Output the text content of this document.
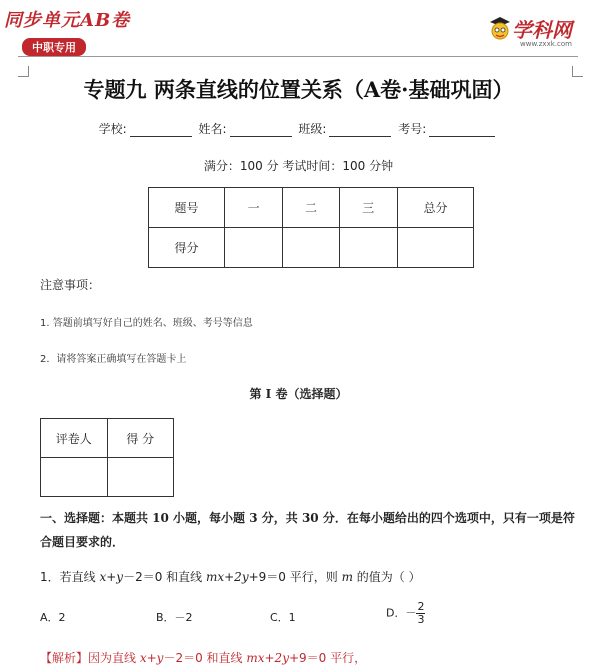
同步单元AB卷
中职专用
学科网
www.zxxk.com
专题九 两条直线的位置关系（A卷·基础巩固）
学校:	姓名:	班级:	考号:
满分：100 分 考试时间：100 分钟
题号	一	二	三	总分
得分				
注意事项：
1. 答题前填写好自己的姓名、班级、考号等信息
2．请将答案正确填写在答题卡上
第 I 卷（选择题）
评卷人	得 分

一、选择题：本题共 10 小题，每小题 3 分，共 30 分．在每小题给出的四个选项中，只有一项是符合题目要求的．
1．若直线 x+y－2＝0 和直线 mx+2y+9＝0 平行，则 m 的值为（ ）
A．2	B．－2	C．1	D．－ $\frac{2}{3}$
【解析】因为直线 x+y－2＝0 和直线 mx+2y+9＝0 平行，
